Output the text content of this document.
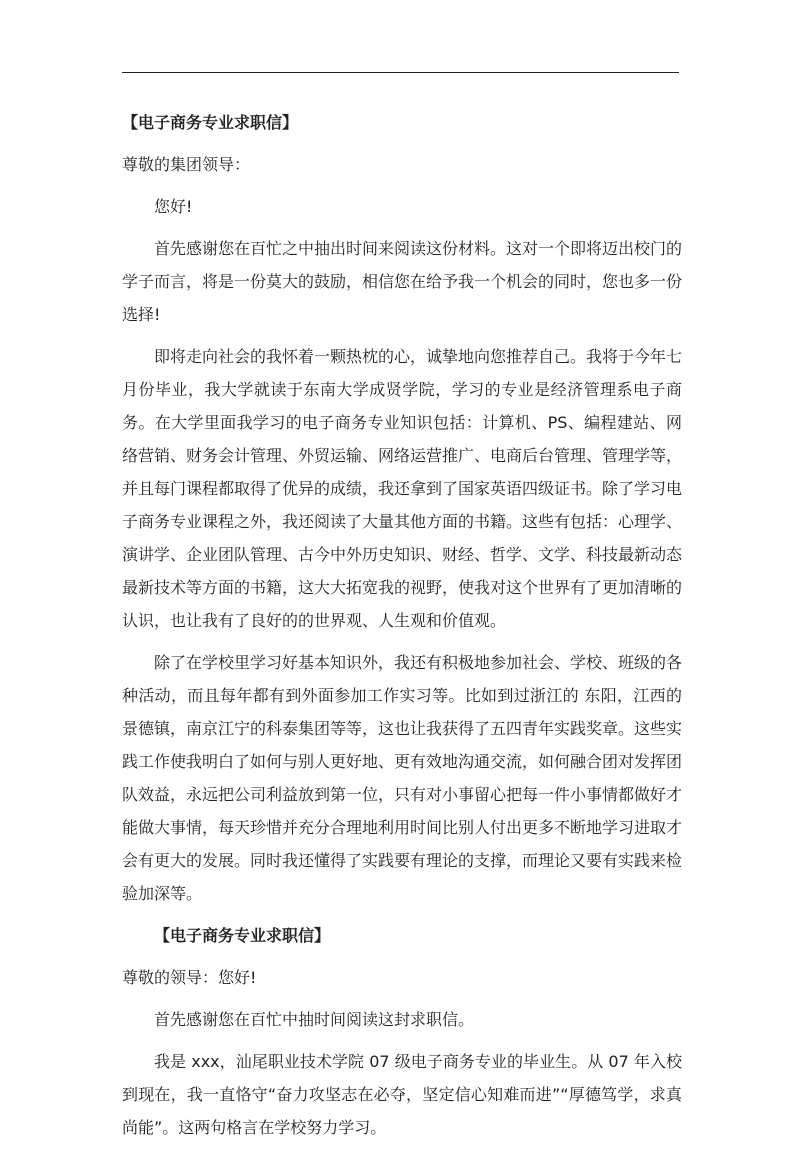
【电子商务专业求职信】

尊敬的集团领导：

您好!

首先感谢您在百忙之中抽出时间来阅读这份材料。这对一个即将迈出校门的学子而言，将是一份莫大的鼓励，相信您在给予我一个机会的同时，您也多一份选择!

即将走向社会的我怀着一颗热枕的心，诚挚地向您推荐自己。我将于今年七月份毕业，我大学就读于东南大学成贤学院，学习的专业是经济管理系电子商务。在大学里面我学习的电子商务专业知识包括：计算机、PS、编程建站、网络营销、财务会计管理、外贸运输、网络运营推广、电商后台管理、管理学等，并且每门课程都取得了优异的成绩，我还拿到了国家英语四级证书。除了学习电子商务专业课程之外，我还阅读了大量其他方面的书籍。这些有包括：心理学、演讲学、企业团队管理、古今中外历史知识、财经、哲学、文学、科技最新动态最新技术等方面的书籍，这大大拓宽我的视野，使我对这个世界有了更加清晰的认识，也让我有了良好的的世界观、人生观和价值观。

除了在学校里学习好基本知识外，我还有积极地参加社会、学校、班级的各种活动，而且每年都有到外面参加工作实习等。比如到过浙江的 东阳，江西的景德镇，南京江宁的科泰集团等等，这也让我获得了五四青年实践奖章。这些实践工作使我明白了如何与别人更好地、更有效地沟通交流，如何融合团对发挥团队效益，永远把公司利益放到第一位，只有对小事留心把每一件小事情都做好才能做大事情，每天珍惜并充分合理地利用时间比别人付出更多不断地学习进取才会有更大的发展。同时我还懂得了实践要有理论的支撑，而理论又要有实践来检验加深等。

【电子商务专业求职信】

尊敬的领导：您好!

首先感谢您在百忙中抽时间阅读这封求职信。

我是 xxx，汕尾职业技术学院 07 级电子商务专业的毕业生。从 07 年入校到现在，我一直恪守“奋力攻坚志在必夺，坚定信心知难而进”“厚德笃学，求真尚能”。这两句格言在学校努力学习。
